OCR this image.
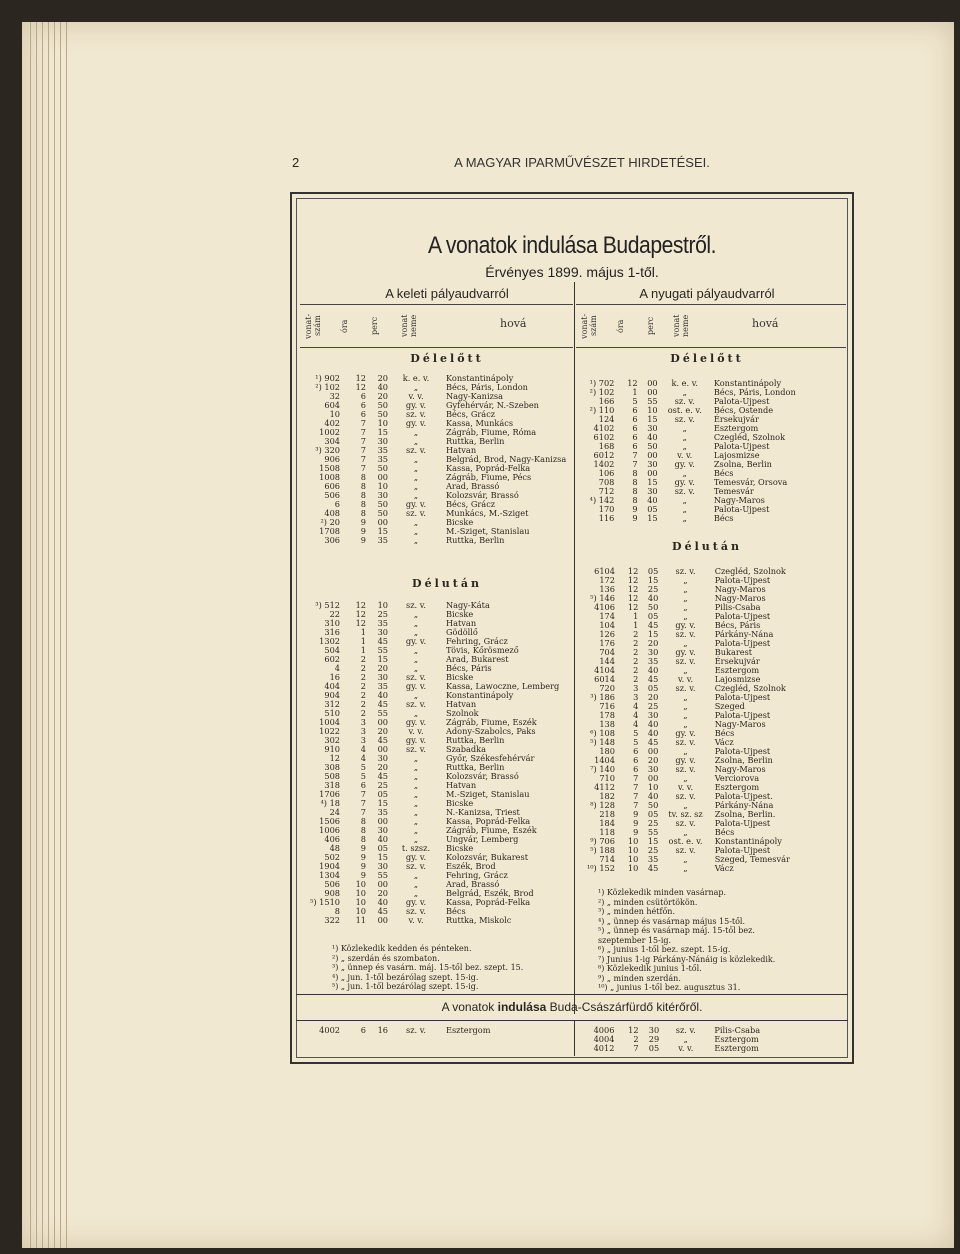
2	A MAGYAR IPARMŰVÉSZET HIRDETÉSEI.
A vonatok indulása Budapestről.
Érvényes 1899. május 1-től.
A keleti pályaudvarról	A nyugati pályaudvarról
vonat-szám óra	perc	vonat neme	hová	vonat-szám óra	perc	vonat neme	hová
Délelőtt	Délelőtt
¹) 902	12	20	k. e. v.	Konstantinápoly
²) 102	12	40	„	Bécs, Páris, London
32	6	20	v. v.	Nagy-Kanizsa
604	6	50	gy. v.	Gyfehérvár, N.-Szeben
10	6	50	sz. v.	Bécs, Grácz
402	7	10	gy. v.	Kassa, Munkács
1002	7	15	„	Zágráb, Fiume, Róma
304	7	30	„	Ruttka, Berlin
³) 320	7	35	sz. v.	Hatvan
906	7	35	„	Belgrád, Brod, Nagy-Kanizsa
1508	7	50	„	Kassa, Poprád-Felka
1008	8	00	„	Zágráb, Fiume, Pécs
606	8	10	„	Arad, Brassó
506	8	30	„	Kolozsvár, Brassó
6	8	50	gy. v.	Bécs, Grácz
408	8	50	sz. v.	Munkács, M.-Sziget
²) 20	9	00	„	Bicske
1708	9	15	„	M.-Sziget, Stanislau
306	9	35	„	Ruttka, Berlin
Délután
³) 512	12	10	sz. v.	Nagy-Káta
22	12	25	„	Bicske
310	12	35	„	Hatvan
316	1	30	„	Gödöllő
1302	1	45	gy. v.	Fehring, Grácz
504	1	55	„	Tövis, Kőrösmező
602	2	15	„	Arad, Bukarest
4	2	20	„	Bécs, Páris
16	2	30	sz. v.	Bicske
404	2	35	gy. v.	Kassa, Lawoczne, Lemberg
904	2	40	„	Konstantinápoly
312	2	45	sz. v.	Hatvan
510	2	55	„	Szolnok
1004	3	00	gy. v.	Zágráb, Fiume, Eszék
1022	3	20	v. v.	Adony-Szabolcs, Paks
302	3	45	gy. v.	Ruttka, Berlin
910	4	00	sz. v.	Szabadka
12	4	30	„	Győr, Székesfehérvár
308	5	20	„	Ruttka, Berlin
508	5	45	„	Kolozsvár, Brassó
318	6	25	„	Hatvan
1706	7	05	„	M.-Sziget, Stanislau
⁴) 18	7	15	„	Bicske
24	7	35	„	N.-Kanizsa, Triest
1506	8	00	„	Kassa, Poprád-Felka
1006	8	30	„	Zágráb, Fiume, Eszék
406	8	40	„	Ungvár, Lemberg
48	9	05	t. szsz.	Bicske
502	9	15	gy. v.	Kolozsvár, Bukarest
1904	9	30	sz. v.	Eszék, Brod
1304	9	55	„	Fehring, Grácz
506	10	00	„	Arad, Brassó
908	10	20	„	Belgrád, Eszék, Brod
⁵) 1510	10	40	gy. v.	Kassa, Poprád-Felka
8	10	45	sz. v.	Bécs
322	11	00	v. v.	Ruttka, Miskolc
¹) Közlekedik kedden és pénteken.
²) „ szerdán és szombaton.
³) „ ünnep és vasárn. máj. 15-től bez. szept. 15.
⁴) „ jun. 1-től bezárólag szept. 15-ig.
⁵) „ jun. 1-től bezárólag szept. 15-ig.
¹) 702	12	00	k. e. v.	Konstantinápoly
²) 102	1	00	„	Bécs, Páris, London
166	5	55	sz. v.	Palota-Ujpest
²) 110	6	10	ost. e. v.	Bécs, Ostende
124	6	15	sz. v.	Érsekujvár
4102	6	30	„	Esztergom
6102	6	40	„	Czegléd, Szolnok
168	6	50	„	Palota-Ujpest
6012	7	00	v. v.	Lajosmizse
1402	7	30	gy. v.	Zsolna, Berlin
106	8	00	„	Bécs
708	8	15	gy. v.	Temesvár, Orsova
712	8	30	sz. v.	Temesvár
⁴) 142	8	40	„	Nagy-Maros
170	9	05	„	Palota-Ujpest
116	9	15	„	Bécs
Délután
6104	12	05	sz. v.	Czegléd, Szolnok
172	12	15	„	Palota-Ujpest
136	12	25	„	Nagy-Maros
⁵) 146	12	40	„	Nagy-Maros
4106	12	50	„	Pilis-Csaba
174	1	05	„	Palota-Ujpest
104	1	45	gy. v.	Bécs, Páris
126	2	15	sz. v.	Párkány-Nána
176	2	20	„	Palota-Ujpest
704	2	30	gy. v.	Bukarest
144	2	35	sz. v.	Érsekujvár
4104	2	40	„	Esztergom
6014	2	45	v. v.	Lajosmizse
720	3	05	sz. v.	Czegléd, Szolnok
³) 186	3	20	„	Palota-Ujpest
716	4	25	„	Szeged
178	4	30	„	Palota-Ujpest
138	4	40	„	Nagy-Maros
⁶) 108	5	40	gy. v.	Bécs
⁵) 148	5	45	sz. v.	Vácz
180	6	00	„	Palota-Ujpest
1404	6	20	gy. v.	Zsolna, Berlin
⁷) 140	6	30	sz. v.	Nagy-Maros
710	7	00	„	Verciorova
4112	7	10	v. v.	Esztergom
182	7	40	sz. v.	Palota-Ujpest.
⁸) 128	7	50	„	Párkány-Nána
218	9	05	tv. sz. sz	Zsolna, Berlin.
184	9	25	sz. v.	Palota-Ujpest
118	9	55	„	Bécs
⁹) 706	10	15	ost. e. v.	Konstantinápoly
⁵) 188	10	25	sz. v.	Palota-Ujpest
714	10	35	„	Szeged, Temesvár
¹⁰) 152	10	45	„	Vácz
¹) Közlekedik minden vasárnap.
²) „ minden csütörtökön.
³) „ minden hétfőn.
⁴) „ ünnep és vasárnap május 15-től.
⁵) „ ünnep és vasárnap máj. 15-től bez.
szeptember 15-ig.
⁶) „ junius 1-től bez. szept. 15-ig.
⁷) Junius 1-ig Párkány-Nánáig is közlekedik.
⁸) Közlekedik junius 1-től.
⁹) „ minden szerdán.
¹⁰) „ junius 1-től bez. augusztus 31.
A vonatok indulása Buda-Császárfürdő kitérőről.
4002	6	16	sz. v.	Esztergom	4006	12	30	sz. v.	Pilis-Csaba
4004	2	29	„	Esztergom
4012	7	05	v. v.	Esztergom
